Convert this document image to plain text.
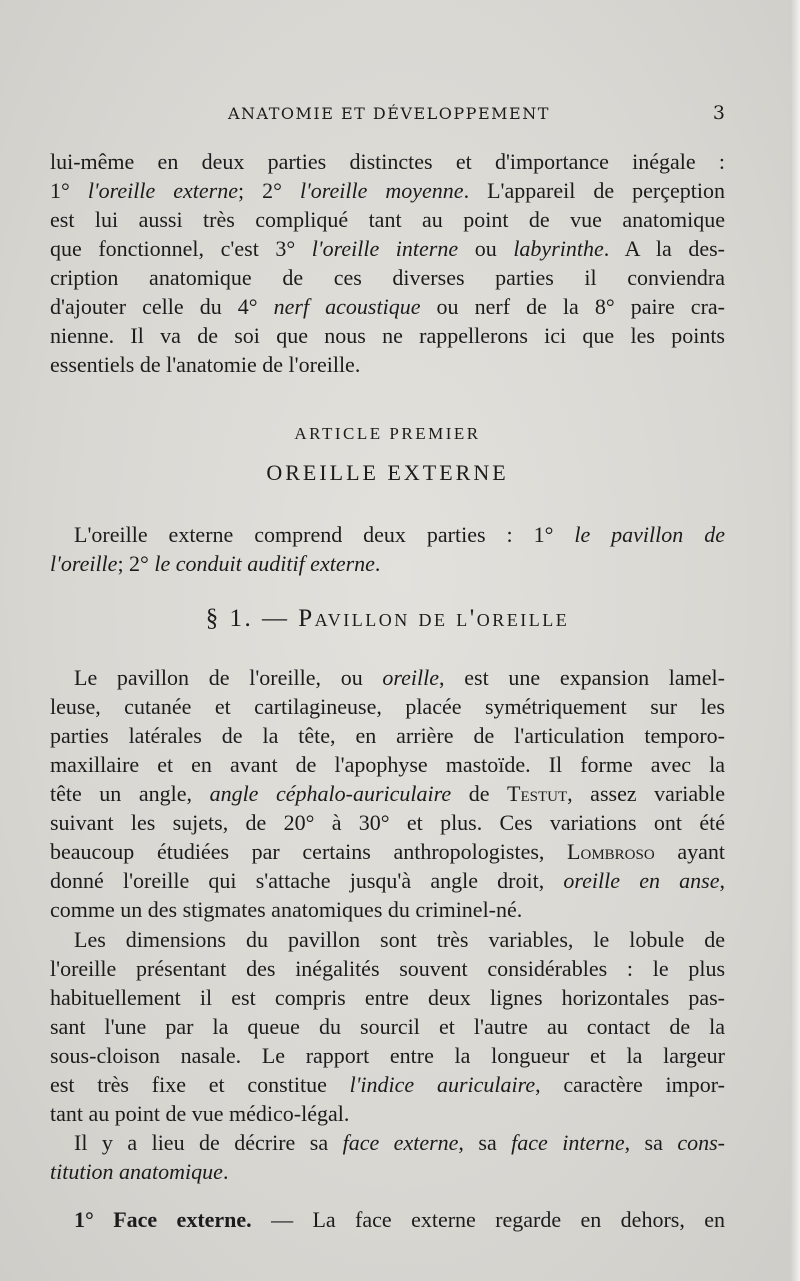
ANATOMIE ET DÉVELOPPEMENT	3
lui-même en deux parties distinctes et d'importance inégale :
1° l'oreille externe; 2° l'oreille moyenne. L'appareil de perçeption
est lui aussi très compliqué tant au point de vue anatomique
que fonctionnel, c'est 3° l'oreille interne ou labyrinthe. A la des-
cription anatomique de ces diverses parties il conviendra
d'ajouter celle du 4° nerf acoustique ou nerf de la 8° paire cra-
nienne. Il va de soi que nous ne rappellerons ici que les points
essentiels de l'anatomie de l'oreille.
ARTICLE PREMIER
OREILLE EXTERNE
L'oreille externe comprend deux parties : 1° le pavillon de
l'oreille; 2° le conduit auditif externe.
§ 1. — Pavillon de l'oreille
Le pavillon de l'oreille, ou oreille, est une expansion lamel-
leuse, cutanée et cartilagineuse, placée symétriquement sur les
parties latérales de la tête, en arrière de l'articulation temporo-
maxillaire et en avant de l'apophyse mastoïde. Il forme avec la
tête un angle, angle céphalo-auriculaire de Testut, assez variable
suivant les sujets, de 20° à 30° et plus. Ces variations ont été
beaucoup étudiées par certains anthropologistes, Lombroso ayant
donné l'oreille qui s'attache jusqu'à angle droit, oreille en anse,
comme un des stigmates anatomiques du criminel-né.
Les dimensions du pavillon sont très variables, le lobule de
l'oreille présentant des inégalités souvent considérables : le plus
habituellement il est compris entre deux lignes horizontales pas-
sant l'une par la queue du sourcil et l'autre au contact de la
sous-cloison nasale. Le rapport entre la longueur et la largeur
est très fixe et constitue l'indice auriculaire, caractère impor-
tant au point de vue médico-légal.
Il y a lieu de décrire sa face externe, sa face interne, sa cons-
titution anatomique.
1° Face externe. — La face externe regarde en dehors, en
